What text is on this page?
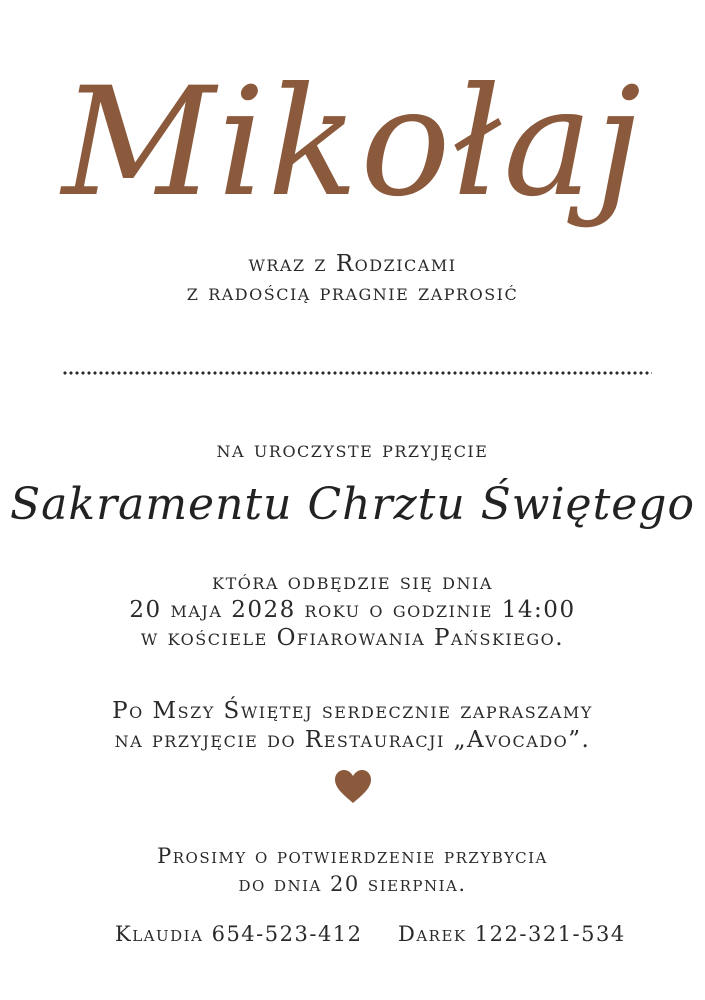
Mikołaj
wraz z Rodzicami
z radością pragnie zaprosić
na uroczyste przyjęcie
Sakramentu Chrztu Świętego
która odbędzie się dnia
20 maja 2028 roku o godzinie 14:00
w kościele Ofiarowania Pańskiego.
Po Mszy Świętej serdecznie zapraszamy
na przyjęcie do Restauracji „Avocado”.
Prosimy o potwierdzenie przybycia
do dnia 20 sierpnia.
Klaudia 654-523-412 Darek 122-321-534
